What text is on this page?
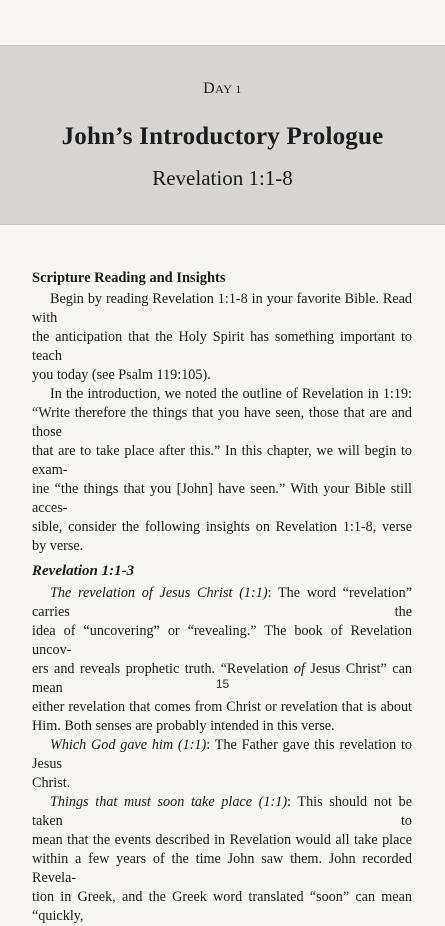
DAY 1
John’s Introductory Prologue
Revelation 1:1-8
Scripture Reading and Insights
Begin by reading Revelation 1:1-8 in your favorite Bible. Read with
the anticipation that the Holy Spirit has something important to teach
you today (see Psalm 119:105).
In the introduction, we noted the outline of Revelation in 1:19:
“Write therefore the things that you have seen, those that are and those
that are to take place after this.” In this chapter, we will begin to exam-
ine “the things that you [John] have seen.” With your Bible still acces-
sible, consider the following insights on Revelation 1:1-8, verse by verse.
Revelation 1:1-3
The revelation of Jesus Christ (1:1): The word “revelation” carries the
idea of “uncovering” or “revealing.” The book of Revelation uncov-
ers and reveals prophetic truth. “Revelation of Jesus Christ” can mean
either revelation that comes from Christ or revelation that is about
Him. Both senses are probably intended in this verse.
Which God gave him (1:1): The Father gave this revelation to Jesus
Christ.
Things that must soon take place (1:1): This should not be taken to
mean that the events described in Revelation would all take place
within a few years of the time John saw them. John recorded Revela-
tion in Greek, and the Greek word translated “soon” can mean “quickly,
15
